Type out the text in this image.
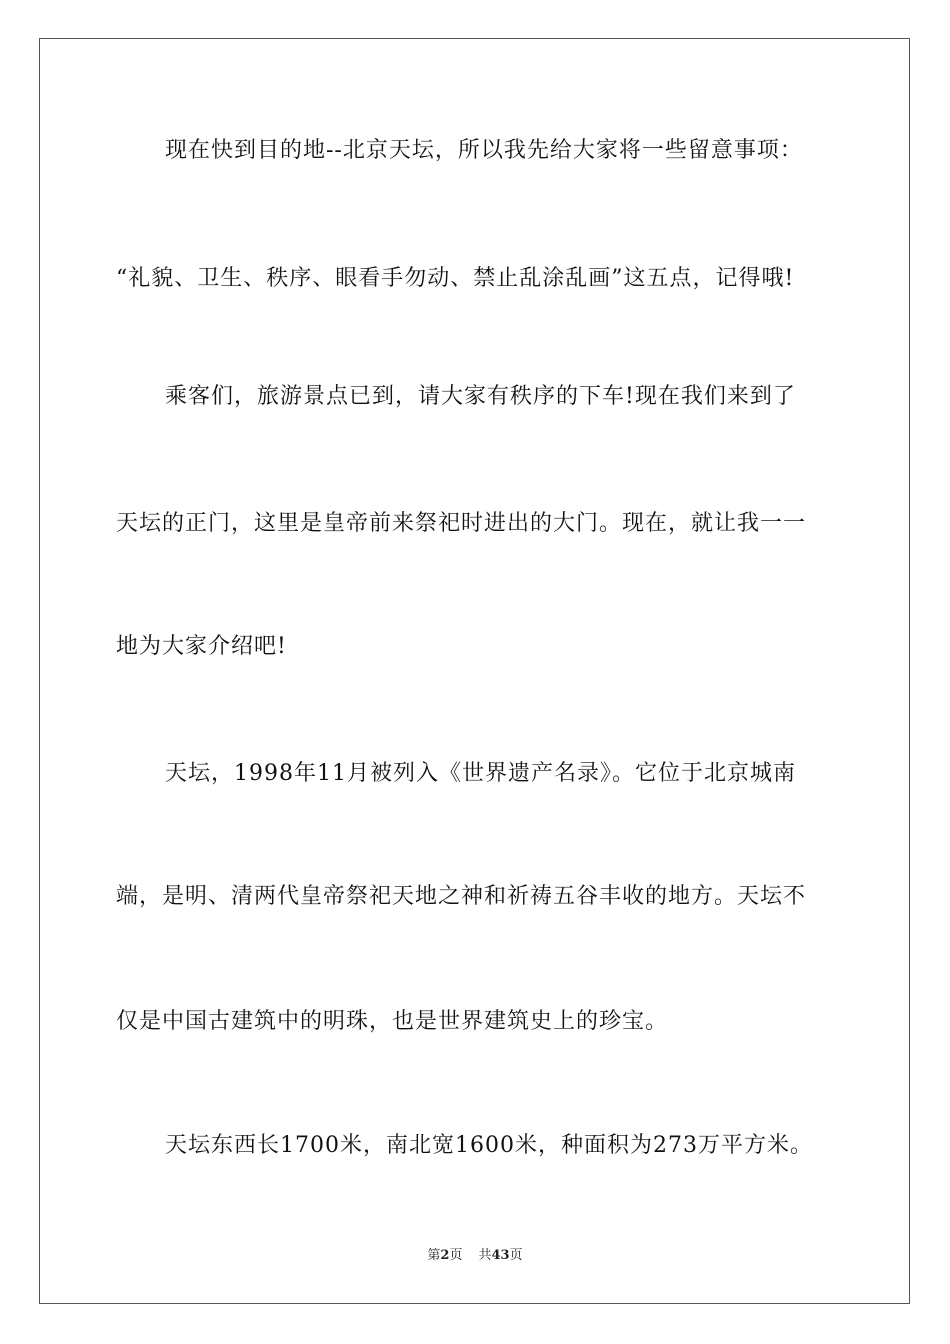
现在快到目的地--北京天坛，所以我先给大家将一些留意事项：
“礼貌、卫生、秩序、眼看手勿动、禁止乱涂乱画”这五点，记得哦!
乘客们，旅游景点已到，请大家有秩序的下车!现在我们来到了
天坛的正门，这里是皇帝前来祭祀时进出的大门。现在，就让我一一
地为大家介绍吧!
天坛，1998年11月被列入《世界遗产名录》。它位于北京城南
端，是明、清两代皇帝祭祀天地之神和祈祷五谷丰收的地方。天坛不
仅是中国古建筑中的明珠，也是世界建筑史上的珍宝。
天坛东西长1700米，南北宽1600米，种面积为273万平方米。
第2页 共43页
